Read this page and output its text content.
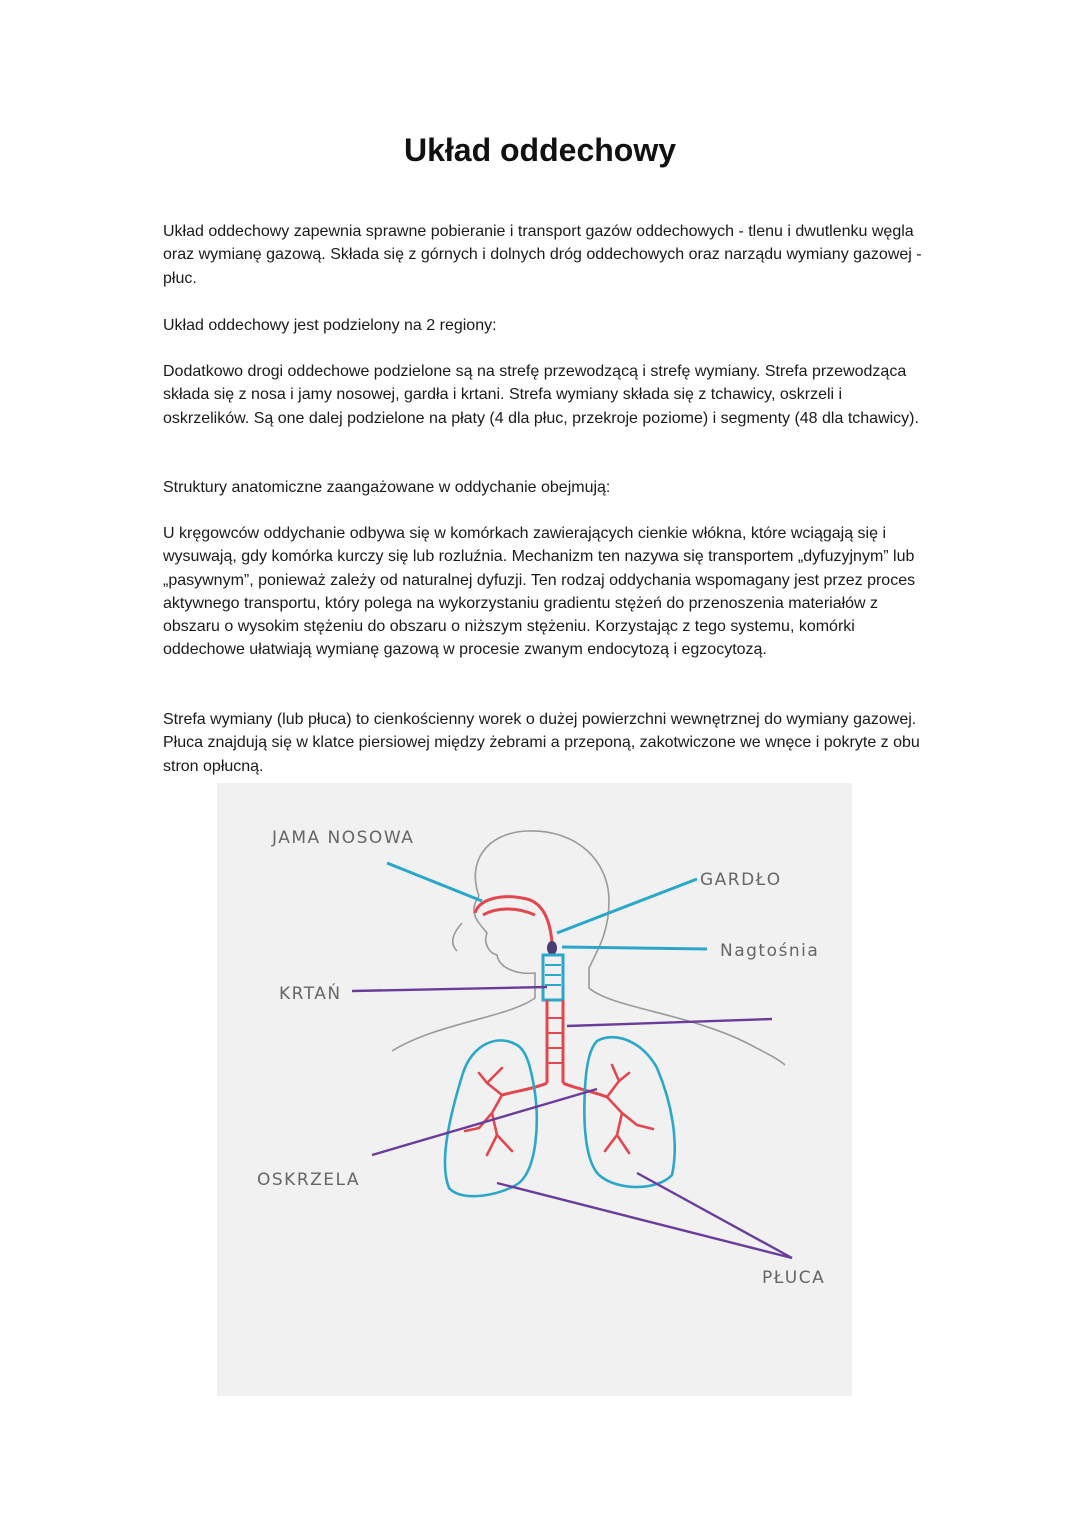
Układ oddechowy

Układ oddechowy zapewnia sprawne pobieranie i transport gazów oddechowych - tlenu i dwutlenku węgla oraz wymianę gazową. Składa się z górnych i dolnych dróg oddechowych oraz narządu wymiany gazowej - płuc.

Układ oddechowy jest podzielony na 2 regiony:

Dodatkowo drogi oddechowe podzielone są na strefę przewodzącą i strefę wymiany. Strefa przewodząca składa się z nosa i jamy nosowej, gardła i krtani. Strefa wymiany składa się z tchawicy, oskrzeli i oskrzelików. Są one dalej podzielone na płaty (4 dla płuc, przekroje poziome) i segmenty (48 dla tchawicy).

Struktury anatomiczne zaangażowane w oddychanie obejmują:

U kręgowców oddychanie odbywa się w komórkach zawierających cienkie włókna, które wciągają się i wysuwają, gdy komórka kurczy się lub rozluźnia. Mechanizm ten nazywa się transportem „dyfuzyjnym” lub „pasywnym”, ponieważ zależy od naturalnej dyfuzji. Ten rodzaj oddychania wspomagany jest przez proces aktywnego transportu, który polega na wykorzystaniu gradientu stężeń do przenoszenia materiałów z obszaru o wysokim stężeniu do obszaru o niższym stężeniu. Korzystając z tego systemu, komórki oddechowe ułatwiają wymianę gazową w procesie zwanym endocytozą i egzocytozą.

Strefa wymiany (lub płuca) to cienkościenny worek o dużej powierzchni wewnętrznej do wymiany gazowej. Płuca znajdują się w klatce piersiowej między żebrami a przeponą, zakotwiczone we wnęce i pokryte z obu stron opłucną.

JAMA NOSOWA
GARDŁO
Nagtośnia
KRTAŃ
OSKRZELA
PŁUCA
